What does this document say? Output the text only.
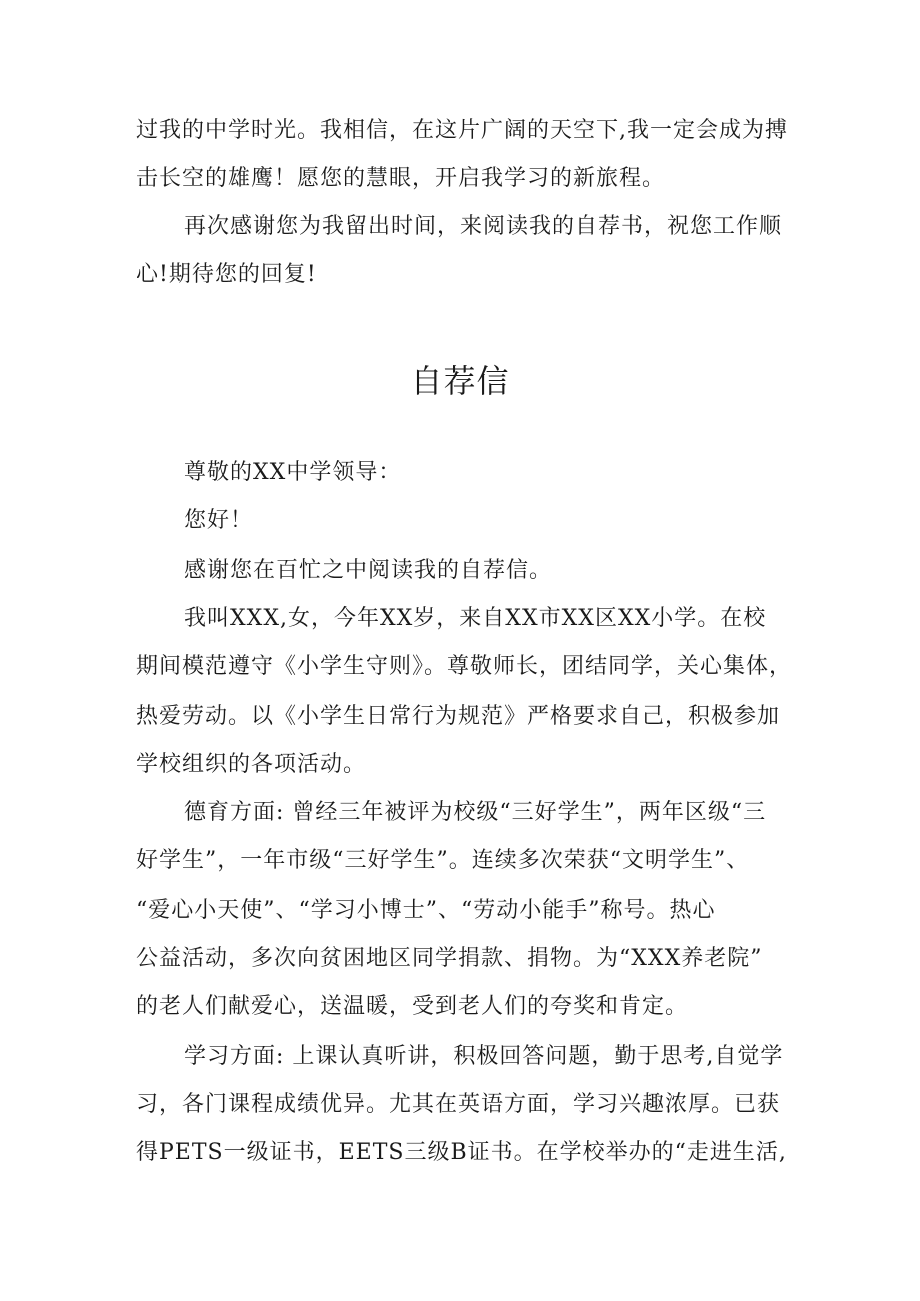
过我的中学时光。我相信，在这片广阔的天空下,我一定会成为搏
击长空的雄鹰！愿您的慧眼，开启我学习的新旅程。
再次感谢您为我留出时间，来阅读我的自荐书，祝您工作顺
心!期待您的回复!
自荐信
尊敬的XX中学领导：
您好！
感谢您在百忙之中阅读我的自荐信。
我叫XXX,女，今年XX岁，来自XX市XX区XX小学。在校
期间模范遵守《小学生守则》。尊敬师长，团结同学，关心集体，
热爱劳动。以《小学生日常行为规范》严格要求自己，积极参加
学校组织的各项活动。
德育方面: 曾经三年被评为校级“三好学生”，两年区级“三
好学生”，一年市级“三好学生”。连续多次荣获“文明学生”、
“爱心小天使”、“学习小博士”、“劳动小能手”称号。热心
公益活动，多次向贫困地区同学捐款、捐物。为“XXX养老院”
的老人们献爱心，送温暖，受到老人们的夸奖和肯定。
学习方面: 上课认真听讲，积极回答问题，勤于思考,自觉学
习，各门课程成绩优异。尤其在英语方面，学习兴趣浓厚。已获
得PETS一级证书，EETS三级B证书。在学校举办的“走进生活,
